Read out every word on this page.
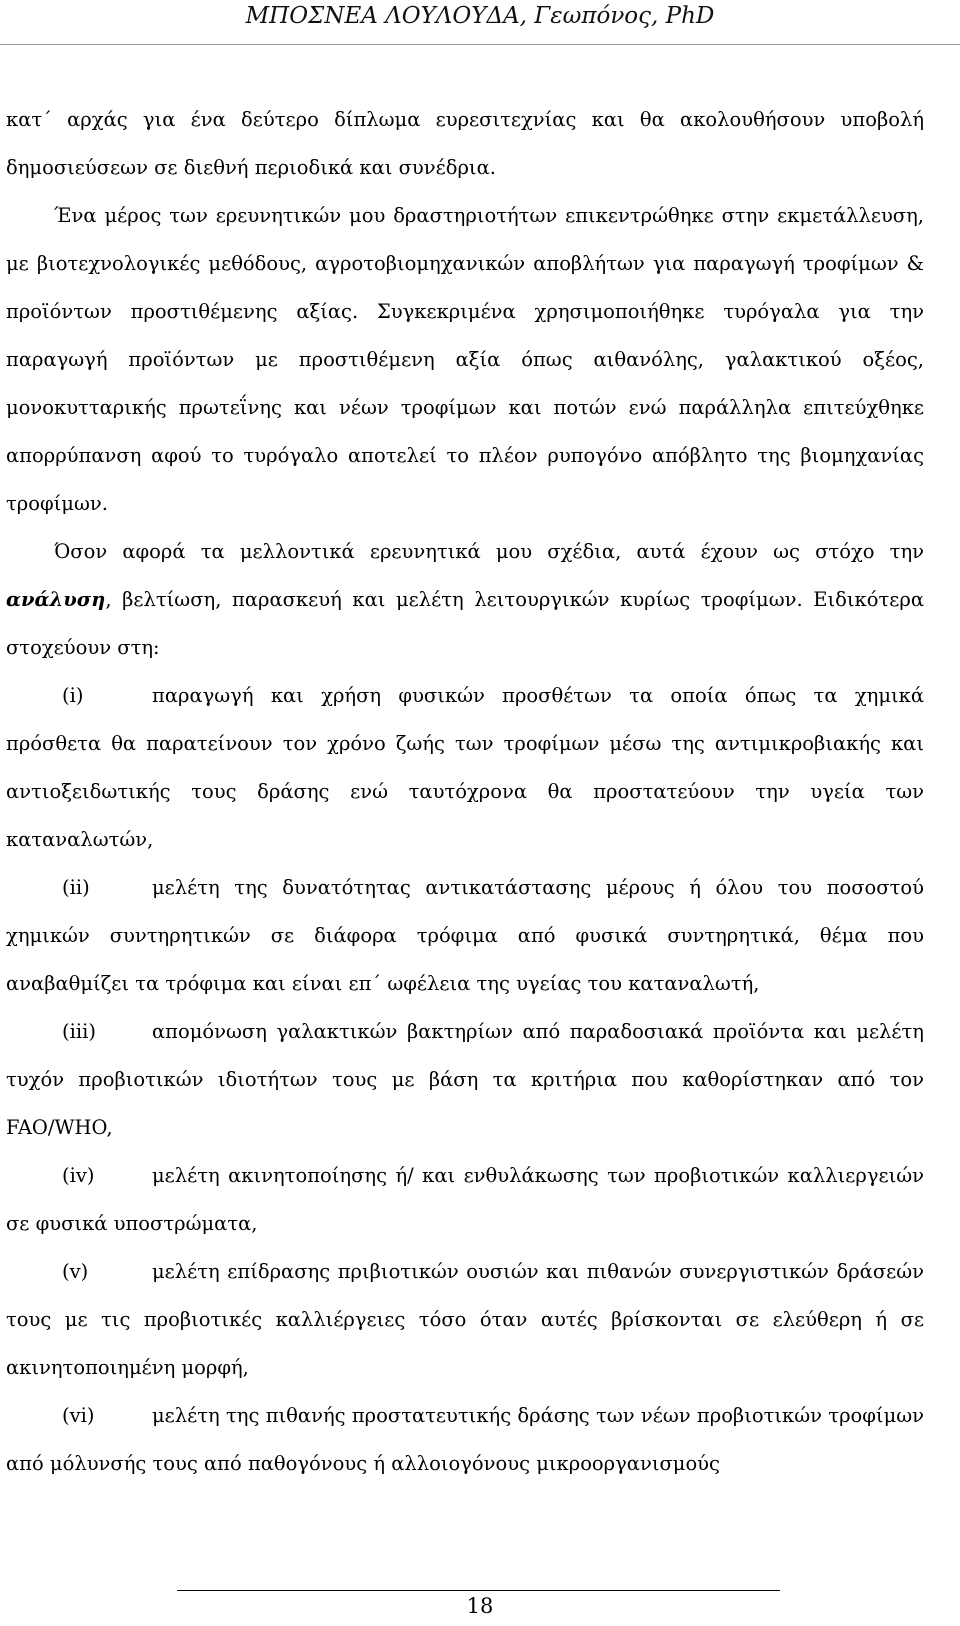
ΜΠΟΣΝΕΑ ΛΟΥΛΟΥΔΑ, Γεωπόνος, PhD

κατ΄ αρχάς για ένα δεύτερο δίπλωμα ευρεσιτεχνίας και θα ακολουθήσουν υποβολή δημοσιεύσεων σε διεθνή περιοδικά και συνέδρια.

Ένα μέρος των ερευνητικών μου δραστηριοτήτων επικεντρώθηκε στην εκμετάλλευση, με βιοτεχνολογικές μεθόδους, αγροτοβιομηχανικών αποβλήτων για παραγωγή τροφίμων & προϊόντων προστιθέμενης αξίας. Συγκεκριμένα χρησιμοποιήθηκε τυρόγαλα για την παραγωγή προϊόντων με προστιθέμενη αξία όπως αιθανόλης, γαλακτικού οξέος, μονοκυτταρικής πρωτεΐνης και νέων τροφίμων και ποτών ενώ παράλληλα επιτεύχθηκε απορρύπανση αφού το τυρόγαλο αποτελεί το πλέον ρυπογόνο απόβλητο της βιομηχανίας τροφίμων.

Όσον αφορά τα μελλοντικά ερευνητικά μου σχέδια, αυτά έχουν ως στόχο την ανάλυση, βελτίωση, παρασκευή και μελέτη λειτουργικών κυρίως τροφίμων. Ειδικότερα στοχεύουν στη:

(i)	παραγωγή και χρήση φυσικών προσθέτων τα οποία όπως τα χημικά πρόσθετα θα παρατείνουν τον χρόνο ζωής των τροφίμων μέσω της αντιμικροβιακής και αντιοξειδωτικής τους δράσης ενώ ταυτόχρονα θα προστατεύουν την υγεία των καταναλωτών,

(ii)	μελέτη της δυνατότητας αντικατάστασης μέρους ή όλου του ποσοστού χημικών συντηρητικών σε διάφορα τρόφιμα από φυσικά συντηρητικά, θέμα που αναβαθμίζει τα τρόφιμα και είναι επ΄ ωφέλεια της υγείας του καταναλωτή,

(iii)	απομόνωση γαλακτικών βακτηρίων από παραδοσιακά προϊόντα και μελέτη τυχόν προβιοτικών ιδιοτήτων τους με βάση τα κριτήρια που καθορίστηκαν από τον FAO/WHO,

(iv)	μελέτη ακινητοποίησης ή/ και ενθυλάκωσης των προβιοτικών καλλιεργειών σε φυσικά υποστρώματα,

(v)	μελέτη επίδρασης πριβιοτικών ουσιών και πιθανών συνεργιστικών δράσεών τους με τις προβιοτικές καλλιέργειες τόσο όταν αυτές βρίσκονται σε ελεύθερη ή σε ακινητοποιημένη μορφή,

(vi)	μελέτη της πιθανής προστατευτικής δράσης των νέων προβιοτικών τροφίμων από μόλυνσής τους από παθογόνους ή αλλοιογόνους μικροοργανισμούς

18
